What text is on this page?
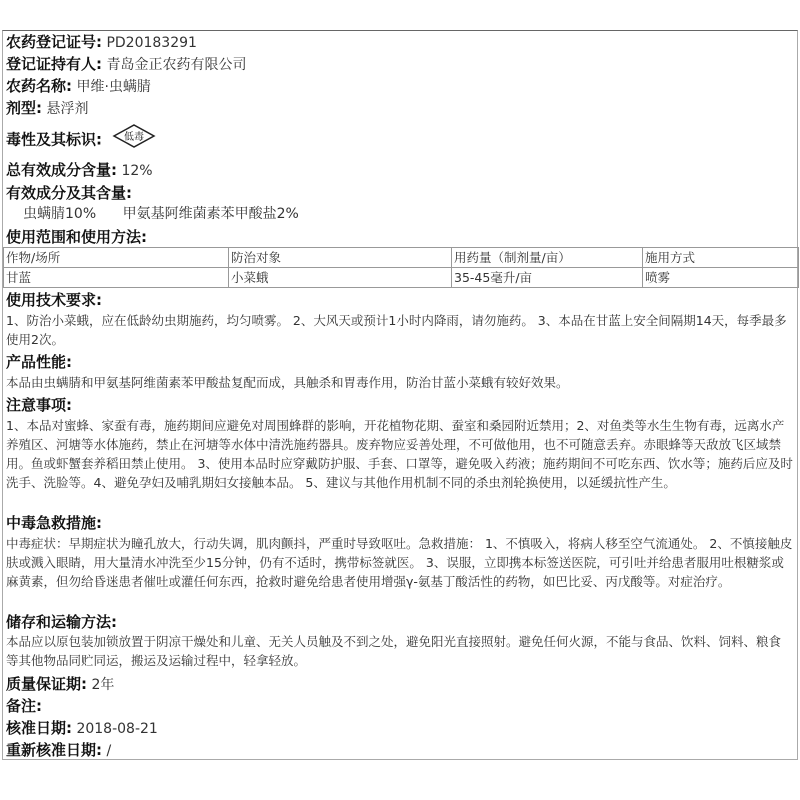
农药登记证号: PD20183291
登记证持有人: 青岛金正农药有限公司
农药名称: 甲维·虫螨腈
剂型: 悬浮剂
毒性及其标识: 低毒
总有效成分含量: 12%
有效成分及其含量:
虫螨腈10% 甲氨基阿维菌素苯甲酸盐2%
使用范围和使用方法:
作物/场所	防治对象	用药量（制剂量/亩）	施用方式
甘蓝	小菜蛾	35-45毫升/亩	喷雾
使用技术要求:
1、防治小菜蛾，应在低龄幼虫期施药，均匀喷雾。 2、大风天或预计1小时内降雨，请勿施药。 3、本品在甘蓝上安全间隔期14天，每季最多使用2次。
产品性能:
本品由虫螨腈和甲氨基阿维菌素苯甲酸盐复配而成，具触杀和胃毒作用，防治甘蓝小菜蛾有较好效果。
注意事项:
1、本品对蜜蜂、家蚕有毒，施药期间应避免对周围蜂群的影响，开花植物花期、蚕室和桑园附近禁用；2、对鱼类等水生生物有毒，远离水产养殖区、河塘等水体施药，禁止在河塘等水体中清洗施药器具。废弃物应妥善处理，不可做他用，也不可随意丢弃。赤眼蜂等天敌放飞区域禁用。鱼或虾蟹套养稻田禁止使用。 3、使用本品时应穿戴防护服、手套、口罩等，避免吸入药液；施药期间不可吃东西、饮水等；施药后应及时洗手、洗脸等。4、避免孕妇及哺乳期妇女接触本品。 5、建议与其他作用机制不同的杀虫剂轮换使用，以延缓抗性产生。
中毒急救措施:
中毒症状：早期症状为瞳孔放大，行动失调，肌肉颤抖，严重时导致呕吐。急救措施： 1、不慎吸入，将病人移至空气流通处。 2、不慎接触皮肤或溅入眼睛，用大量清水冲洗至少15分钟，仍有不适时，携带标签就医。 3、误服，立即携本标签送医院，可引吐并给患者服用吐根糖浆或麻黄素，但勿给昏迷患者催吐或灌任何东西，抢救时避免给患者使用增强γ-氨基丁酸活性的药物，如巴比妥、丙戊酸等。对症治疗。
储存和运输方法:
本品应以原包装加锁放置于阴凉干燥处和儿童、无关人员触及不到之处，避免阳光直接照射。避免任何火源，不能与食品、饮料、饲料、粮食等其他物品同贮同运，搬运及运输过程中，轻拿轻放。
质量保证期: 2年
备注:
核准日期: 2018-08-21
重新核准日期: /
